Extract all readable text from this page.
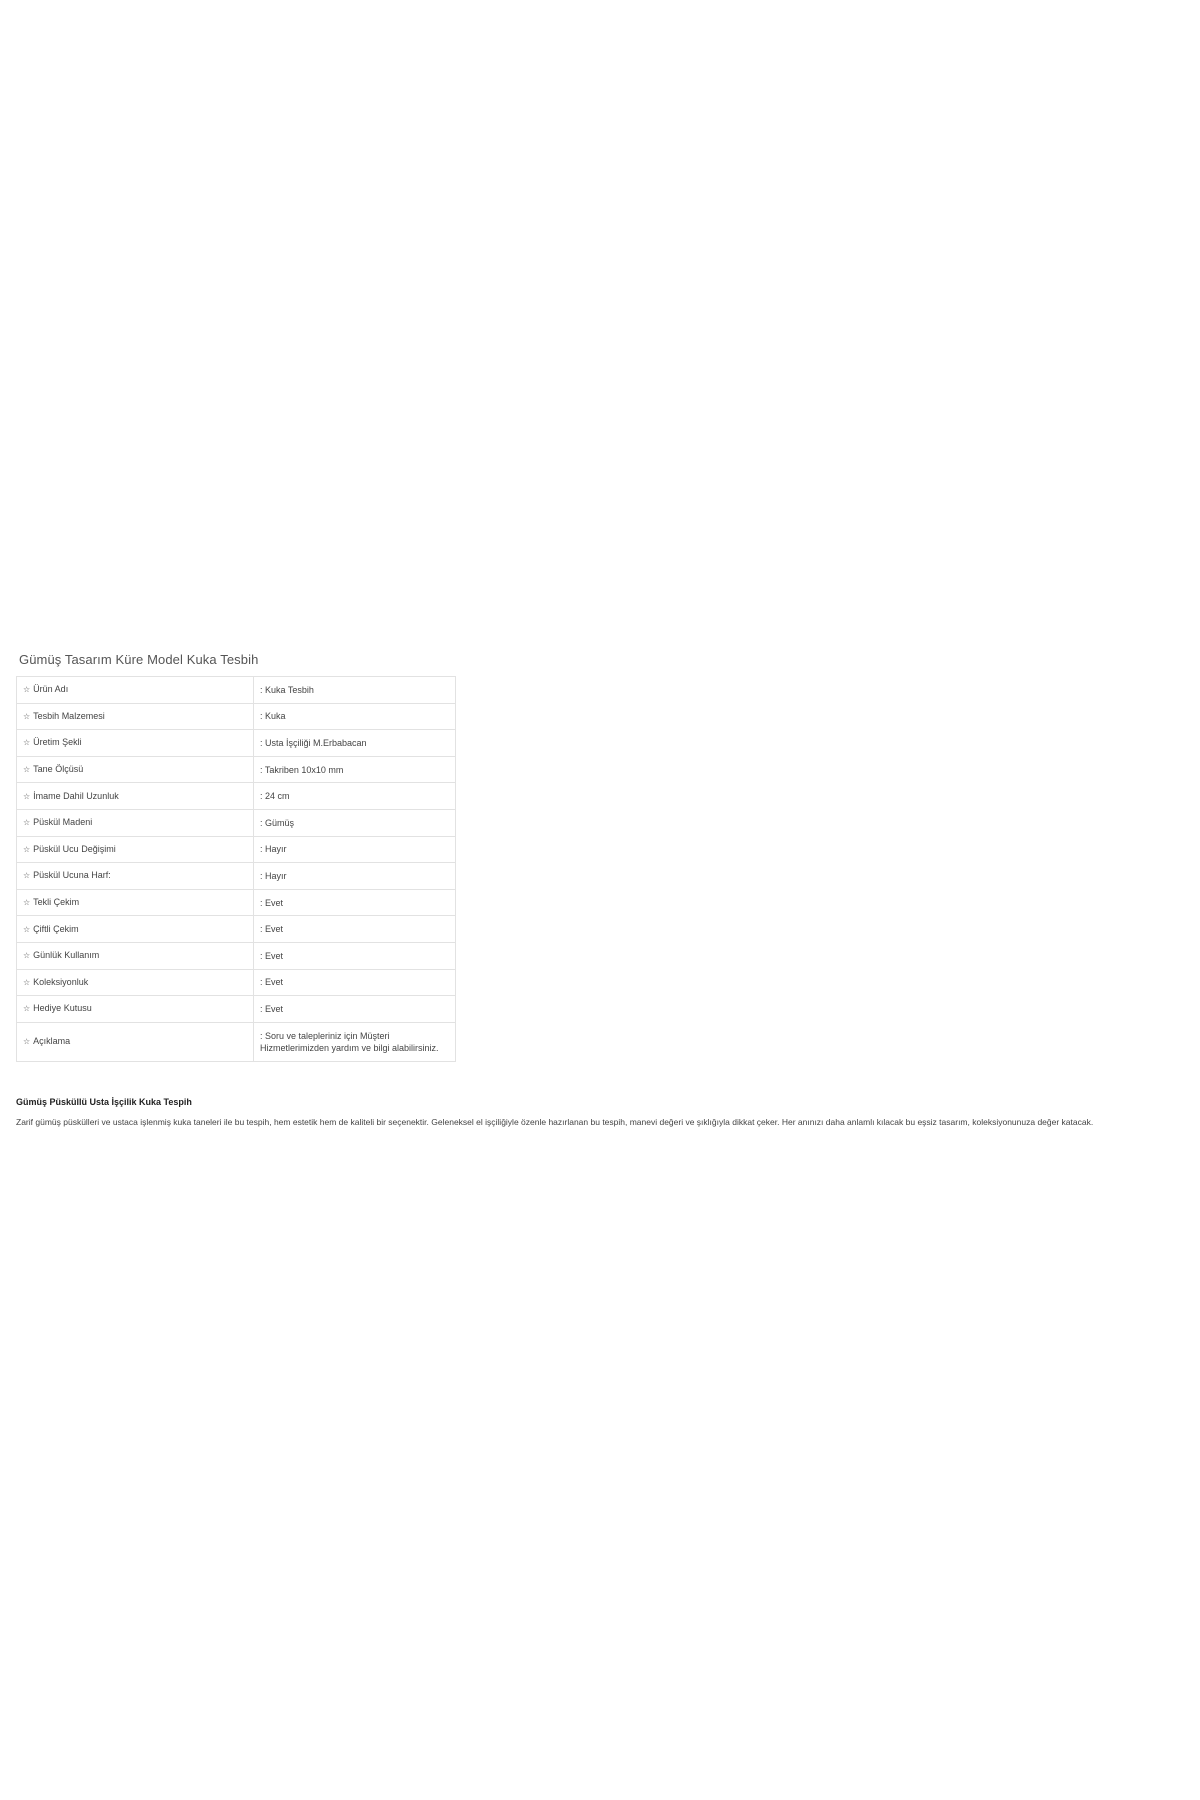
Gümüş Tasarım Küre Model Kuka Tesbih
☆ Ürün Adı	: Kuka Tesbih
☆ Tesbih Malzemesi	: Kuka
☆ Üretim Şekli	: Usta İşçiliği M.Erbabacan
☆ Tane Ölçüsü	: Takriben 10x10 mm
☆ İmame Dahil Uzunluk	: 24 cm
☆ Püskül Madeni	: Gümüş
☆ Püskül Ucu Değişimi	: Hayır
☆ Püskül Ucuna Harf:	: Hayır
☆ Tekli Çekim	: Evet
☆ Çiftli Çekim	: Evet
☆ Günlük Kullanım	: Evet
☆ Koleksiyonluk	: Evet
☆ Hediye Kutusu	: Evet
☆ Açıklama	: Soru ve talepleriniz için Müşteri
Hizmetlerimizden yardım ve bilgi alabilirsiniz.
Gümüş Püsküllü Usta İşçilik Kuka Tespih

Zarif gümüş püskülleri ve ustaca işlenmiş kuka taneleri ile bu tespih, hem estetik hem de kaliteli bir seçenektir. Geleneksel el işçiliğiyle özenle hazırlanan bu tespih, manevi değeri ve şıklığıyla dikkat çeker. Her anınızı daha anlamlı kılacak bu eşsiz tasarım, koleksiyonunuza değer katacak.
